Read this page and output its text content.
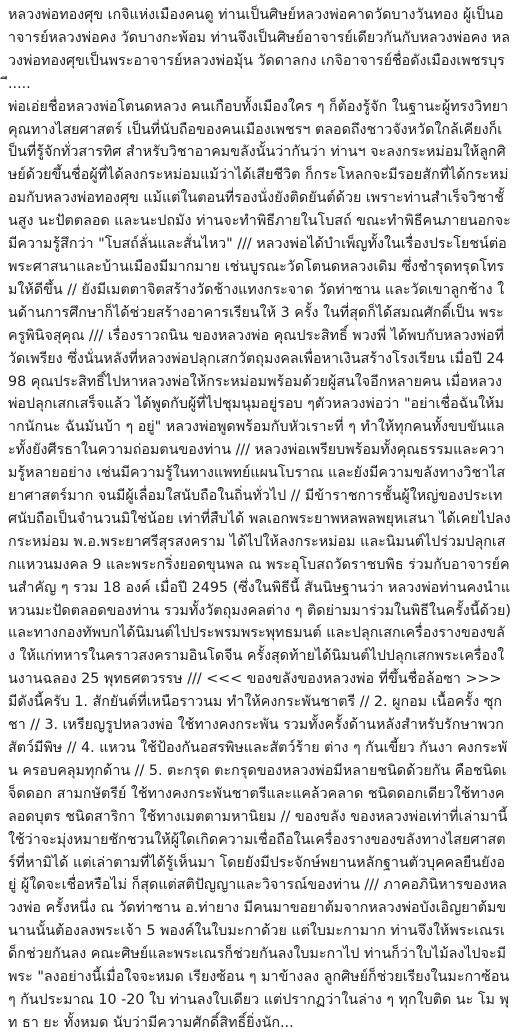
หลวงพ่อทองศุข เกจิแห่งเมืองคนดู ท่านเป็นศิษย์หลวงพ่อคาดวัดบางวันทอง ผู้เป็นอาจารย์หลวงพ่อคง วัดบางกะพ้อม ท่านจึงเป็นศิษย์อาจารย์เดียวกันกับหลวงพ่อคง หลวงพ่อทองศุขเป็นพระอาจารย์หลวงพ่อมุ้น วัดดาลกง เกจิอาจารย์ชื่อดังเมืองเพชรบุรี.....

พ่อเอ่ยชื่อหลวงพ่อโตนดหลวง คนเกือบทั้งเมืองใคร ๆ ก็ต้องรู้จัก ในฐานะผู้ทรงวิทยาคุณทางไสยศาสตร์ เป็นที่นับถือของคนเมืองเพชรฯ ตลอดถึงชาวจังหวัดใกล้เคียงก็เป็นที่รู้จักทั่วสารทิศ สำหรับวิชาอาคมขลังนั้นว่ากันว่า ท่านฯ จะลงกระหม่อมให้ลูกศิษย์ด้วยขึ้นชื่อผู้ที่ได้ลงกระหม่อมแม้ว่าได้เสียชีวิต ก็กระโหลกจะมีรอยสักที่ได้กระหม่อมกับหลวงพ่อทองศุข แม้แต่ในตอนที่รองนั่งยังติดยันต์ด้วย เพราะท่านสำเร็จวิชาชั้นสูง นะปัตตลอด และนะปถมัง ท่านจะทำพิธีภายในโบสถ์ ขณะทำพิธีคนภายนอกจะมีความรู้สึกว่า "โบสถ์ลั่นและสั่นไหว" /// หลวงพ่อได้บำเพ็ญทั้งในเรื่องประโยชน์ต่อพระศาสนาและบ้านเมืองมีมากมาย เช่นบูรณะวัดโตนดหลวงเดิม ซึ่งชำรุดทรุดโทรมให้ดีขึ้น // ยังมีเมตตาจิตสร้างวัดช้างแทงกระจาด วัดท่าซาน และวัดเขาลูกช้าง ในด้านการศึกษาก็ได้ช่วยสร้างอาคารเรียนให้ 3 ครั้ง ในที่สุดก็ได้สมณศักดิ์เป็น พระครูพินิจสุคุณ /// เรื่องราวถนิน ของหลวงพ่อ คุณประสิทธิ์ พวงพี่ ได้พบกับหลวงพ่อที่วัดเพรียง ซึ่งนั่นหลังที่หลวงพ่อปลุกเสกวัตถุมงคลเพื่อหาเงินสร้างโรงเรียน เมื่อปี 2498 คุณประสิทธิ์ไปหาหลวงพ่อให้กระหม่อมพร้อมด้วยผู้สนใจอีกหลายคน เมื่อหลวงพ่อปลุกเสกเสร็จแล้ว ได้พูดกับผู้ที่ไปชุมนุมอยู่รอบ ๆตัวหลวงพ่อว่า "อย่าเชื่อฉันให้มากนักนะ ฉันมันบ้า ๆ อยู่" หลวงพ่อพูดพร้อมกับหัวเราะที่ ๆ ทำให้ทุกคนทั้งขบขันและทั้งยังศีรธาในความถ่อมตนของท่าน /// หลวงพ่อเพรียบพร้อมทั้งคุณธรรมและความรู้หลายอย่าง เช่นมีความรู้ในทางแพทย์แผนโบราณ และยังมีความขลังทางวิชาไสยาศาสตร์มาก จนมีผู้เลื่อมใสนับถือในถิ่นทั่วไป // มีข้าราชการชั้นผู้ใหญ่ของประเทศนับถือเป็นจำนวนมิใช่น้อย เท่าที่สืบได้ พลเอกพระยาพหลพลพยุหเสนา ได้เคยไปลงกระหม่อม พ.อ.พระยาศรีสุรสงคราม ได้ไปให้ลงกระหม่อม และนิมนต์ไปร่วมปลุกเสกแหวนมงคล 9 และพระกริ่งยอดขุนพล ณ พระอุโบสถวัดราชบพิธ ร่วมกับอาจารย์คนสำคัญ ๆ รวม 18 องค์ เมื่อปี 2495 (ซึ่งในพิธีนี้ สันนิษฐานว่า หลวงพ่อท่านคงนำแหวนมะปัดตลอดของท่าน รวมทั้งวัตถุมงคลต่าง ๆ ติดย่ามมาร่วมในพิธีในครั้งนี้ด้วย) และทางกองทัพบกได้นิมนต์ไปประพรมพระพุทธมนต์ และปลุกเสกเครื่องรางของขลัง ให้แก่ทหารในคราวสงครามอินโดจีน ครั้งสุดท้ายได้นิมนต์ไปปลุกเสกพระเครื่องในงานฉลอง 25 พุทธศตวรรษ /// <<< ของขลังของหลวงพ่อ ที่ขึ้นชื่อล้อซา >>> มีดังนี้ครับ 1. สักยันต์ที่เหนือราวนม ทำให้คงกระพันชาตรี // 2. ผูกอม เนื้อครั้ง ซุกชา // 3. เหรียญรูปหลวงพ่อ ใช้ทางคงกระพัน รวมทั้งครั้งด้านหลังสำหรับรักษาพวกสัตว์มีพิษ // 4. แหวน ใช้ป้องกันอสรพิษและสัตว์ร้าย ต่าง ๆ กันเขี้ยว กันงา คงกระพัน ครอบคลุมทุกด้าน // 5. ตะกรุด ตะกรุดของหลวงพ่อมีหลายชนิดด้วยกัน คือชนิดเจ็ดดอก สามกษัตรีย์ ใช้ทางคงกระพันชาตรีและแคล้วคลาด ชนิดดอกเดียวใช้ทางคลอดบุตร ชนิดสาริกา ใช้ทางเมตตามหานิยม // ของขลัง ของหลวงพ่อเท่าที่เล่ามานี้ ใช้ว่าจะมุ่งหมายชักชวนให้ผู้ใดเกิดความเชื่อถือในเครื่องรางของขลังทางไสยศาสตร์ที่หามิได้ แต่เล่าตามที่ได้รู้เห็นมา โดยยังมีประจักษ์พยานหลักฐานตัวบุคคลยืนยังอยู่ ผู้ใดจะเชื่อหรือไม่ ก็สุดแต่สติปัญญาและวิจารณ์ของท่าน /// ภาคอภินิหารของหลวงพ่อ ครั้งหนึ่ง ณ วัดท่าซาน อ.ท่ายาง มีคนมาขอยาต้มจากหลวงพ่อบังเอิญยาต้มขนานนั้นต้องลงพระเจ้า 5 พองค์ในใบมะกาด้วย แต่ใบมะกามาก ท่านจึงให้พระเณรเด็กช่วยกันลง คณะศิษย์และพระเณรก็ช่วยกันลงใบมะกาไป ท่านก็ว่าใบไม้ลงไปจะมีพระ "ลงอย่างนี้เมื่อใจจะหมด เรียงซ้อน ๆ มาข้างลง ลูกศิษย์ก็ช่วยเรียงในมะกาซ้อน ๆ กันประมาณ 10 -20 ใบ ท่านลงใบเดียว แต่ปรากฏว่าในล่าง ๆ ทุกใบติด นะ โม พุท ธา ยะ ทั้งหมด นับว่ามีความศักดิ์สิทธิ์ยิ่งนัก...
